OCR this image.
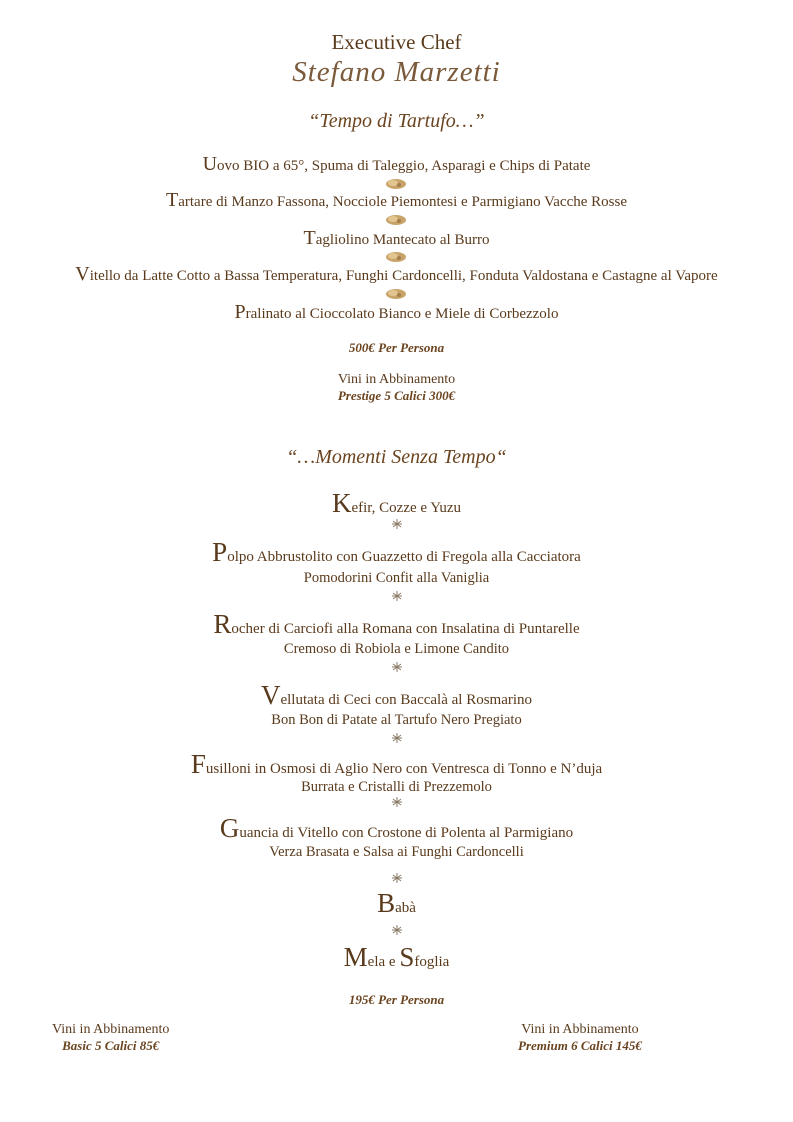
Executive Chef
Stefano Marzetti
“Tempo di Tartufo…”
Uovo BIO a 65°, Spuma di Taleggio, Asparagi e Chips di Patate
Tartare di Manzo Fassona, Nocciole Piemontesi e Parmigiano Vacche Rosse
Tagliolino Mantecato al Burro
Vitello da Latte Cotto a Bassa Temperatura, Funghi Cardoncelli, Fonduta Valdostana e Castagne al Vapore
Pralinato al Cioccolato Bianco e Miele di Corbezzolo
500€ Per Persona
Vini in Abbinamento
Prestige 5 Calici 300€
“…Momenti Senza Tempo“
Kefir, Cozze e Yuzu
Polpo Abbrustolito con Guazzetto di Fregola alla Cacciatora
Pomodorini Confit alla Vaniglia
Rocher di Carciofi alla Romana con Insalatina di Puntarelle
Cremoso di Robiola e Limone Candito
Vellutata di Ceci con Baccalà al Rosmarino
Bon Bon di Patate al Tartufo Nero Pregiato
Fusilloni in Osmosi di Aglio Nero con Ventresca di Tonno e N’duja
Burrata e Cristalli di Prezzemolo
Guancia di Vitello con Crostone di Polenta al Parmigiano
Verza Brasata e Salsa ai Funghi Cardoncelli
Babà
Mela e Sfoglia
195€ Per Persona
Vini in Abbinamento
Basic 5 Calici 85€
Vini in Abbinamento
Premium 6 Calici 145€
